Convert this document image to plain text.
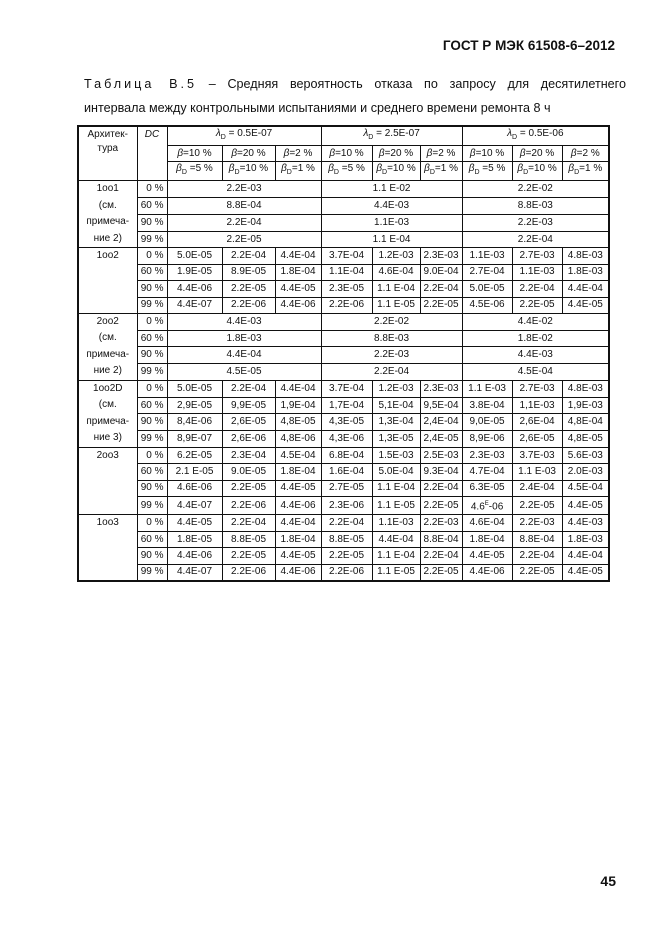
ГОСТ Р МЭК 61508-6–2012
Таблица В.5 – Средняя вероятность отказа по запросу для десятилетнего
интервала между контрольными испытаниями и среднего времени ремонта 8 ч
Архитек-тура	DC	$\lambda_D = 0.5E-07$			$\lambda_D = 2.5E-07$			$\lambda_D = 0.5E-06$		
		β=10 %	β=20 %	β=2 %	β=10 %	β=20 %	β=2 %	β=10 %	β=20 %	β=2 %
		$\beta_D =5$ %	$\beta_D=10$ %	$\beta_D=1$ %	$\beta_D =5$ %	$\beta_D=10$ %	$\beta_D=1$ %	$\beta_D =5$ %	$\beta_D=10$ %	$\beta_D=1$ %

1oo1
(см.
примеча-
ние 2)	0 %	2.2E-03			1.1 E-02			2.2E-02		
	60 %	8.8E-04			4.4E-03			8.8E-03		
	90 %	2.2E-04			1.1E-03			2.2E-03		
	99 %	2.2E-05			1.1 E-04			2.2E-04		

1oo2	0 %	5.0E-05	2.2E-04	4.4E-04	3.7E-04	1.2E-03	2.3E-03	1.1E-03	2.7E-03	4.8E-03
	60 %	1.9E-05	8.9E-05	1.8E-04	1.1E-04	4.6E-04	9.0E-04	2.7E-04	1.1E-03	1.8E-03
	90 %	4.4E-06	2.2E-05	4.4E-05	2.3E-05	1.1 E-04	2.2E-04	5.0E-05	2.2E-04	4.4E-04
	99 %	4.4E-07	2.2E-06	4.4E-06	2.2E-06	1.1 E-05	2.2E-05	4.5E-06	2.2E-05	4.4E-05

2oo2
(см.
примеча-
ние 2)	0 %	4.4E-03			2.2E-02			4.4E-02		
	60 %	1.8E-03			8.8E-03			1.8E-02		
	90 %	4.4E-04			2.2E-03			4.4E-03		
	99 %	4.5E-05			2.2E-04			4.5E-04		

1oo2D
(см.
примеча-
ние 3)	0 %	5.0E-05	2.2E-04	4.4E-04	3.7E-04	1.2E-03	2.3E-03	1.1 E-03	2.7E-03	4.8E-03
	60 %	2,9E-05	9,9E-05	1,9E-04	1,7E-04	5,1E-04	9,5E-04	3.8E-04	1,1E-03	1,9E-03
	90 %	8,4E-06	2,6E-05	4,8E-05	4,3E-05	1,3E-04	2,4E-04	9,0E-05	2,6E-04	4,8E-04
	99 %	8,9E-07	2,6E-06	4,8E-06	4,3E-06	1,3E-05	2,4E-05	8,9E-06	2,6E-05	4,8E-05

2oo3	0 %	6.2E-05	2.3E-04	4.5E-04	6.8E-04	1.5E-03	2.5E-03	2.3E-03	3.7E-03	5.6E-03
	60 %	2.1 E-05	9.0E-05	1.8E-04	1.6E-04	5.0E-04	9.3E-04	4.7E-04	1.1 E-03	2.0E-03
	90 %	4.6E-06	2.2E-05	4.4E-05	2.7E-05	1.1 E-04	2.2E-04	6.3E-05	2.4E-04	4.5E-04
	99 %	4.4E-07	2.2E-06	4.4E-06	2.3E-06	1.1 E-05	2.2E-05	$4.6^E-06$	2.2E-05	4.4E-05

1oo3	0 %	4.4E-05	2.2E-04	4.4E-04	2.2E-04	1.1E-03	2.2E-03	4.6E-04	2.2E-03	4.4E-03
	60 %	1.8E-05	8.8E-05	1.8E-04	8.8E-05	4.4E-04	8.8E-04	1.8E-04	8.8E-04	1.8E-03
	90 %	4.4E-06	2.2E-05	4.4E-05	2.2E-05	1.1 E-04	2.2E-04	4.4E-05	2.2E-04	4.4E-04
	99 %	4.4E-07	2.2E-06	4.4E-06	2.2E-06	1.1 E-05	2.2E-05	4.4E-06	2.2E-05	4.4E-05
45
